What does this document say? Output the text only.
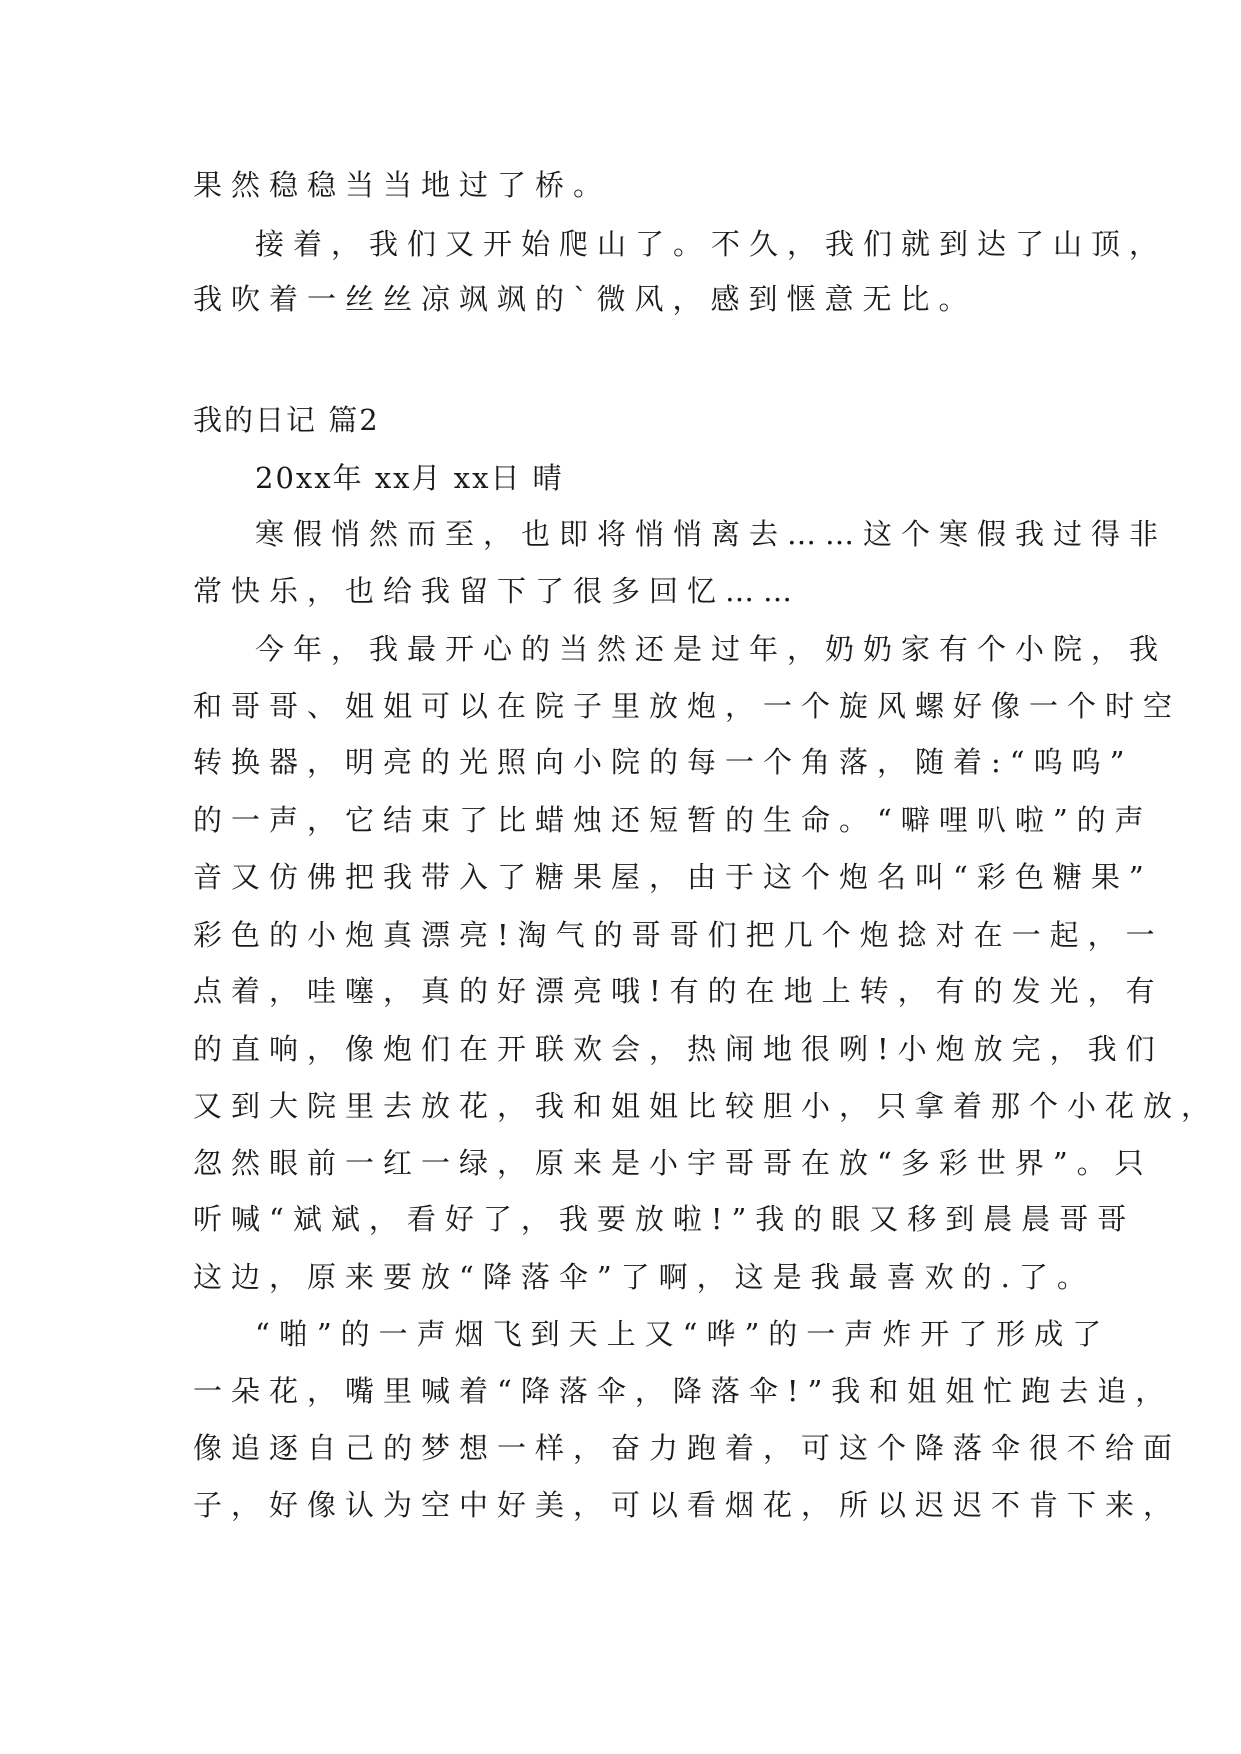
果然稳稳当当地过了桥。
接着，我们又开始爬山了。不久，我们就到达了山顶，
我吹着一丝丝凉飒飒的`微风，感到惬意无比。
我的日记 篇2
20xx年 xx月 xx日 晴
寒假悄然而至，也即将悄悄离去……这个寒假我过得非
常快乐，也给我留下了很多回忆……
今年，我最开心的当然还是过年，奶奶家有个小院，我
和哥哥、姐姐可以在院子里放炮，一个旋风螺好像一个时空
转换器，明亮的光照向小院的每一个角落，随着:“呜呜”
的一声，它结束了比蜡烛还短暂的生命。“噼哩叭啦”的声
音又仿佛把我带入了糖果屋，由于这个炮名叫“彩色糖果”
彩色的小炮真漂亮!淘气的哥哥们把几个炮捻对在一起，一
点着，哇噻，真的好漂亮哦!有的在地上转，有的发光，有
的直响，像炮们在开联欢会，热闹地很咧!小炮放完，我们
又到大院里去放花，我和姐姐比较胆小，只拿着那个小花放，
忽然眼前一红一绿，原来是小宇哥哥在放“多彩世界”。只
听喊“斌斌，看好了，我要放啦!”我的眼又移到晨晨哥哥
这边，原来要放“降落伞”了啊，这是我最喜欢的.了。
“啪”的一声烟飞到天上又“哗”的一声炸开了形成了
一朵花，嘴里喊着“降落伞，降落伞!”我和姐姐忙跑去追，
像追逐自己的梦想一样，奋力跑着，可这个降落伞很不给面
子，好像认为空中好美，可以看烟花，所以迟迟不肯下来，
